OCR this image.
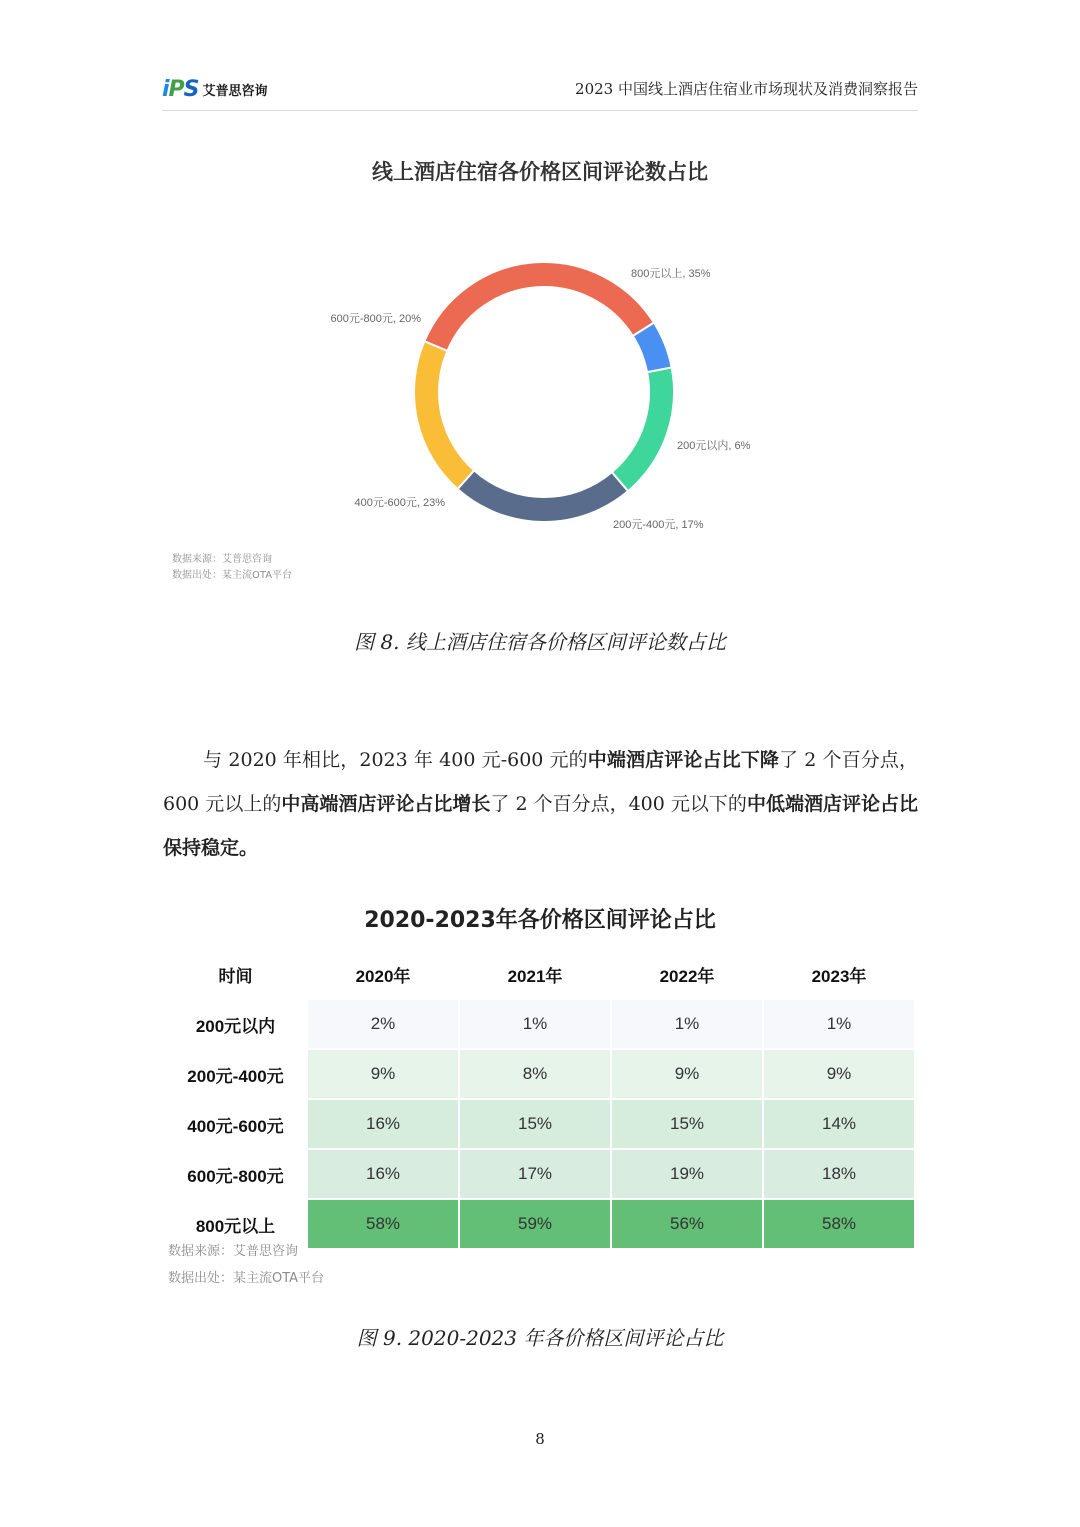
iPS 艾普思咨询	2023 中国线上酒店住宿业市场现状及消费洞察报告
线上酒店住宿各价格区间评论数占比
800元以上, 35%
200元以内, 6%
200元-400元, 17%
400元-600元, 23%
600元-800元, 20%
数据来源：艾普思咨询
数据出处：某主流OTA平台
图 8. 线上酒店住宿各价格区间评论数占比
与 2020 年相比，2023 年 400 元-600 元的中端酒店评论占比下降了 2 个百分点，600 元以上的中高端酒店评论占比增长了 2 个百分点，400 元以下的中低端酒店评论占比保持稳定。
2020-2023年各价格区间评论占比
时间	2020年	2021年	2022年	2023年
200元以内	2%	1%	1%	1%
200元-400元	9%	8%	9%	9%
400元-600元	16%	15%	15%	14%
600元-800元	16%	17%	19%	18%
800元以上	58%	59%	56%	58%
数据来源：艾普思咨询
数据出处：某主流OTA平台
图 9. 2020-2023 年各价格区间评论占比
8
